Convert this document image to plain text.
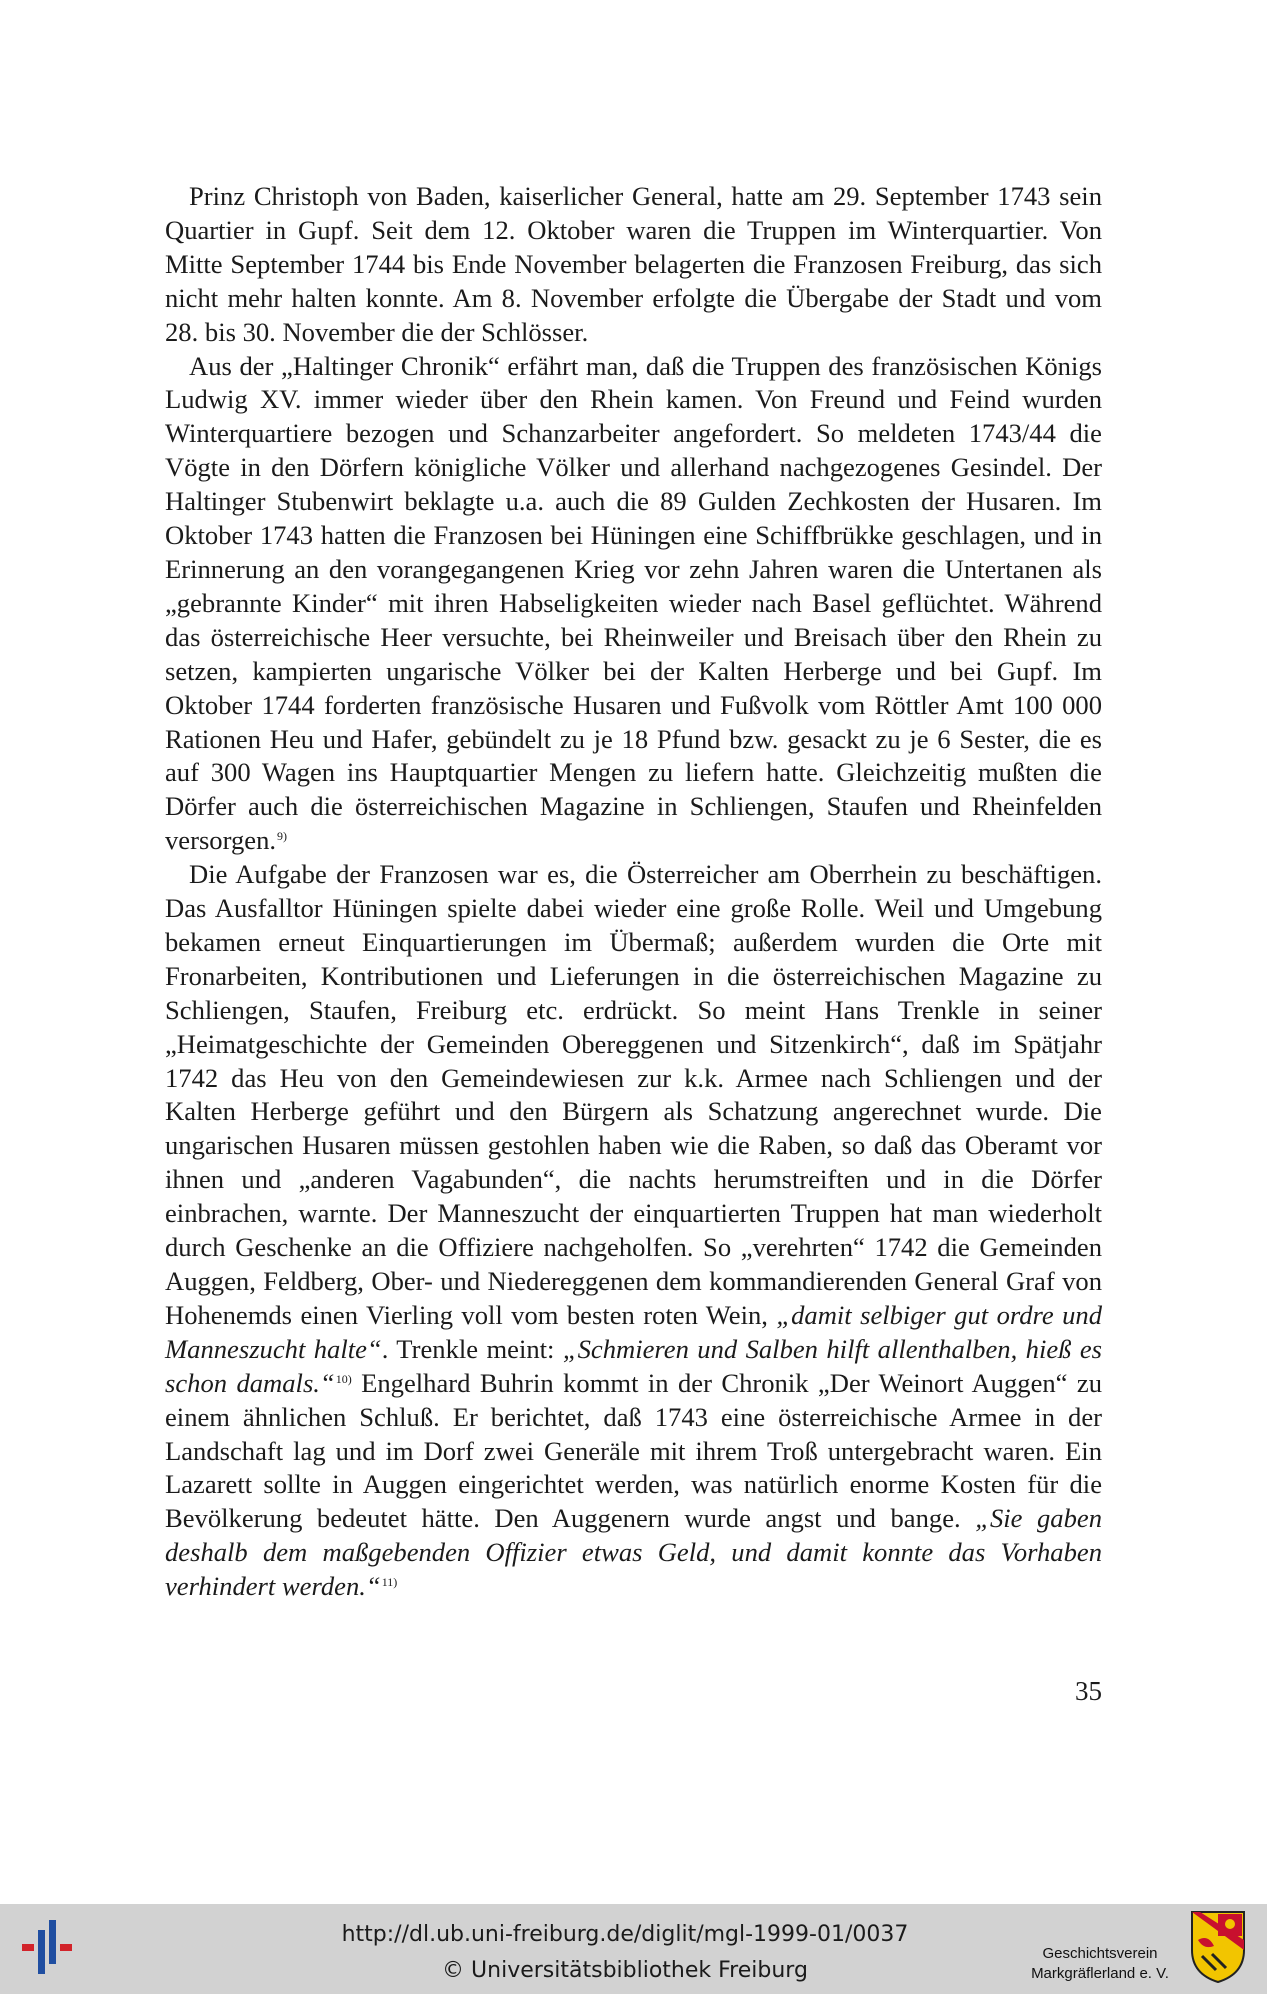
Prinz Christoph von Baden, kaiserlicher General, hatte am 29. September 1743 sein Quartier in Gupf. Seit dem 12. Oktober waren die Truppen im Winterquartier. Von Mitte September 1744 bis Ende November belagerten die Franzosen Freiburg, das sich nicht mehr halten konnte. Am 8. November erfolgte die Übergabe der Stadt und vom 28. bis 30. November die der Schlösser.

Aus der „Haltinger Chronik“ erfährt man, daß die Truppen des französischen Königs Ludwig XV. immer wieder über den Rhein kamen. Von Freund und Feind wurden Winterquartiere bezogen und Schanzarbeiter angefordert. So meldeten 1743/44 die Vögte in den Dörfern königliche Völker und allerhand nachgezogenes Gesindel. Der Haltinger Stubenwirt beklagte u.a. auch die 89 Gulden Zechkosten der Husaren. Im Oktober 1743 hatten die Franzosen bei Hüningen eine Schiffbrükke geschlagen, und in Erinnerung an den vorangegangenen Krieg vor zehn Jahren waren die Untertanen als „gebrannte Kinder“ mit ihren Habseligkeiten wieder nach Basel geflüchtet. Während das österreichische Heer versuchte, bei Rheinweiler und Breisach über den Rhein zu setzen, kampierten ungarische Völker bei der Kalten Herberge und bei Gupf. Im Oktober 1744 forderten französische Husaren und Fußvolk vom Röttler Amt 100 000 Rationen Heu und Hafer, gebündelt zu je 18 Pfund bzw. gesackt zu je 6 Sester, die es auf 300 Wagen ins Hauptquartier Mengen zu liefern hatte. Gleichzeitig mußten die Dörfer auch die österreichischen Magazine in Schliengen, Staufen und Rheinfelden versorgen.$^{9)}$

Die Aufgabe der Franzosen war es, die Österreicher am Oberrhein zu beschäftigen. Das Ausfalltor Hüningen spielte dabei wieder eine große Rolle. Weil und Umgebung bekamen erneut Einquartierungen im Übermaß; außerdem wurden die Orte mit Fronarbeiten, Kontributionen und Lieferungen in die österreichischen Magazine zu Schliengen, Staufen, Freiburg etc. erdrückt. So meint Hans Trenkle in seiner „Heimatgeschichte der Gemeinden Obereggenen und Sitzenkirch“, daß im Spätjahr 1742 das Heu von den Gemeindewiesen zur k.k. Armee nach Schliengen und der Kalten Herberge geführt und den Bürgern als Schatzung angerechnet wurde. Die ungarischen Husaren müssen gestohlen haben wie die Raben, so daß das Oberamt vor ihnen und „anderen Vagabunden“, die nachts herumstreiften und in die Dörfer einbrachen, warnte. Der Manneszucht der einquartierten Truppen hat man wiederholt durch Geschenke an die Offiziere nachgeholfen. So „verehrten“ 1742 die Gemeinden Auggen, Feldberg, Ober- und Niedereggenen dem kommandierenden General Graf von Hohenemds einen Vierling voll vom besten roten Wein, „damit selbiger gut ordre und Manneszucht halte“. Trenkle meint: „Schmieren und Salben hilft allenthalben, hieß es schon damals.“$^{10)}$ Engelhard Buhrin kommt in der Chronik „Der Weinort Auggen“ zu einem ähnlichen Schluß. Er berichtet, daß 1743 eine österreichische Armee in der Landschaft lag und im Dorf zwei Generäle mit ihrem Troß untergebracht waren. Ein Lazarett sollte in Auggen eingerichtet werden, was natürlich enorme Kosten für die Bevölkerung bedeutet hätte. Den Auggenern wurde angst und bange. „Sie gaben deshalb dem maßgebenden Offizier etwas Geld, und damit konnte das Vorhaben verhindert werden.“$^{11)}$

35
http://dl.ub.uni-freiburg.de/diglit/mgl-1999-01/0037
© Universitätsbibliothek Freiburg
Geschichtsverein
Markgräflerland e. V.
